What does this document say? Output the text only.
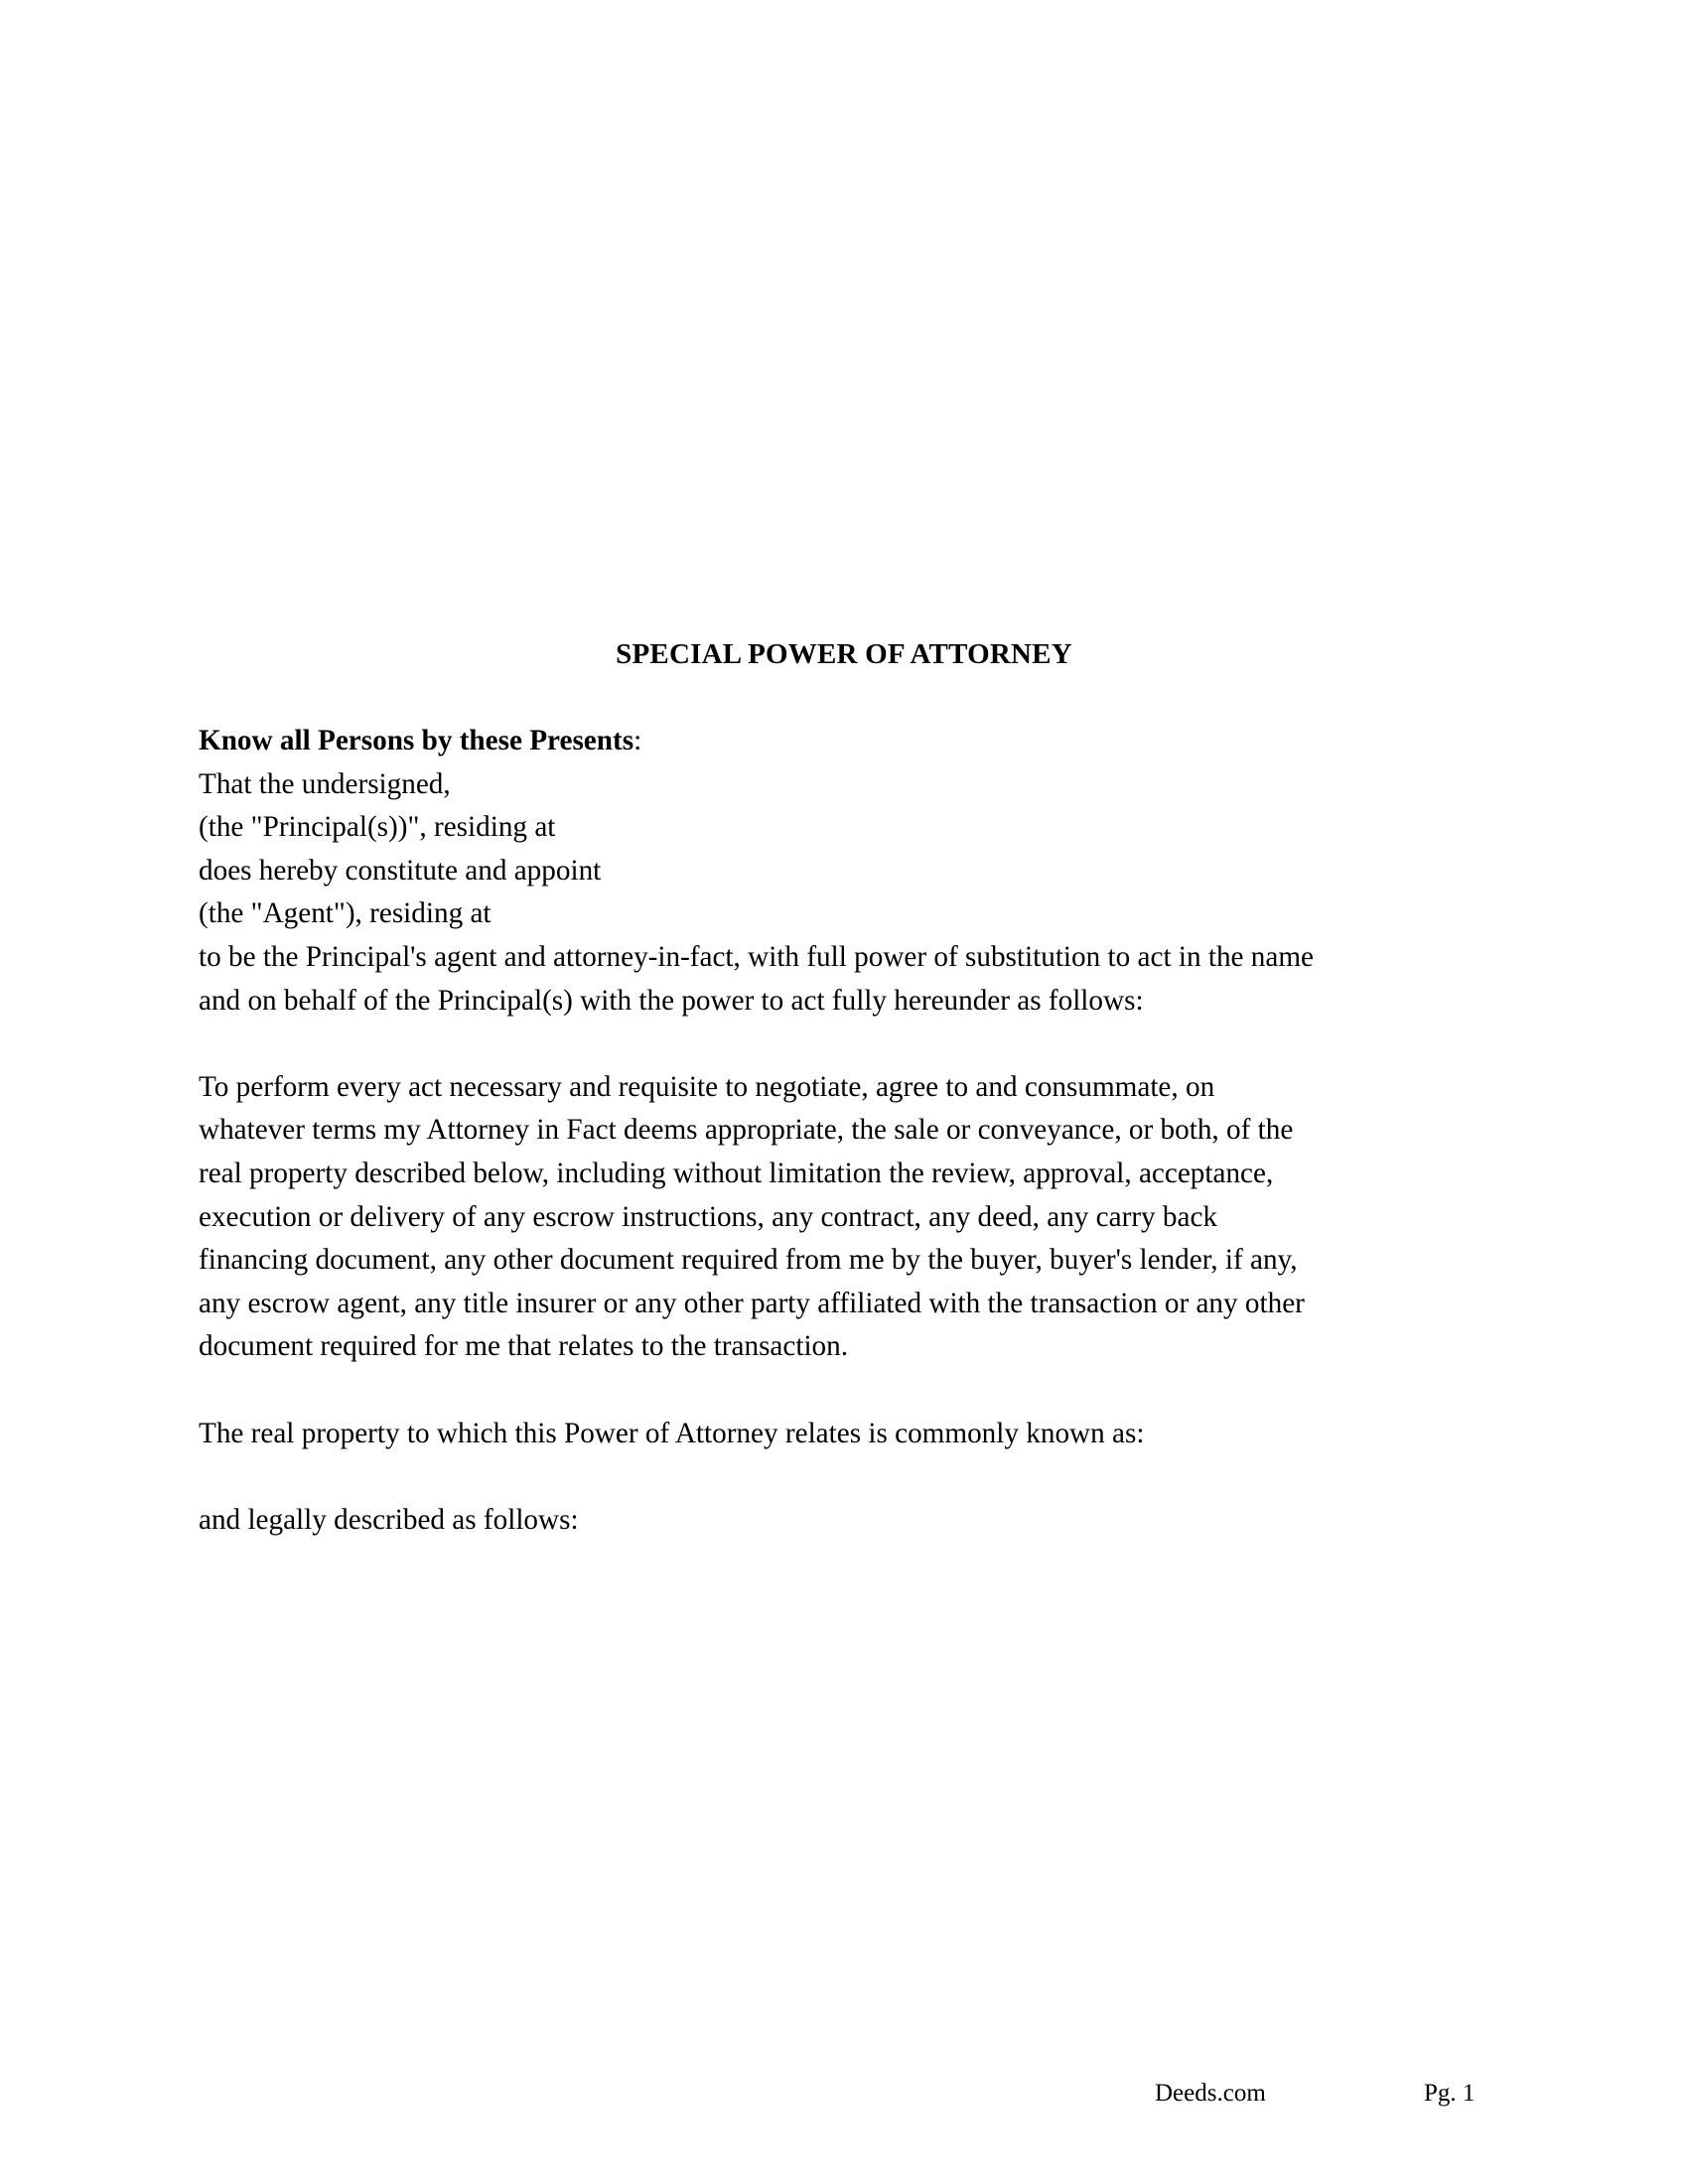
SPECIAL POWER OF ATTORNEY
Know all Persons by these Presents:
That the undersigned,
(the "Principal(s))", residing at
does hereby constitute and appoint
(the "Agent"), residing at
to be the Principal's agent and attorney-in-fact, with full power of substitution to act in the name
and on behalf of the Principal(s) with the power to act fully hereunder as follows:
To perform every act necessary and requisite to negotiate, agree to and consummate, on
whatever terms my Attorney in Fact deems appropriate, the sale or conveyance, or both, of the
real property described below, including without limitation the review, approval, acceptance,
execution or delivery of any escrow instructions, any contract, any deed, any carry back
financing document, any other document required from me by the buyer, buyer's lender, if any,
any escrow agent, any title insurer or any other party affiliated with the transaction or any other
document required for me that relates to the transaction.
The real property to which this Power of Attorney relates is commonly known as:
and legally described as follows:
Deeds.com	Pg. 1
